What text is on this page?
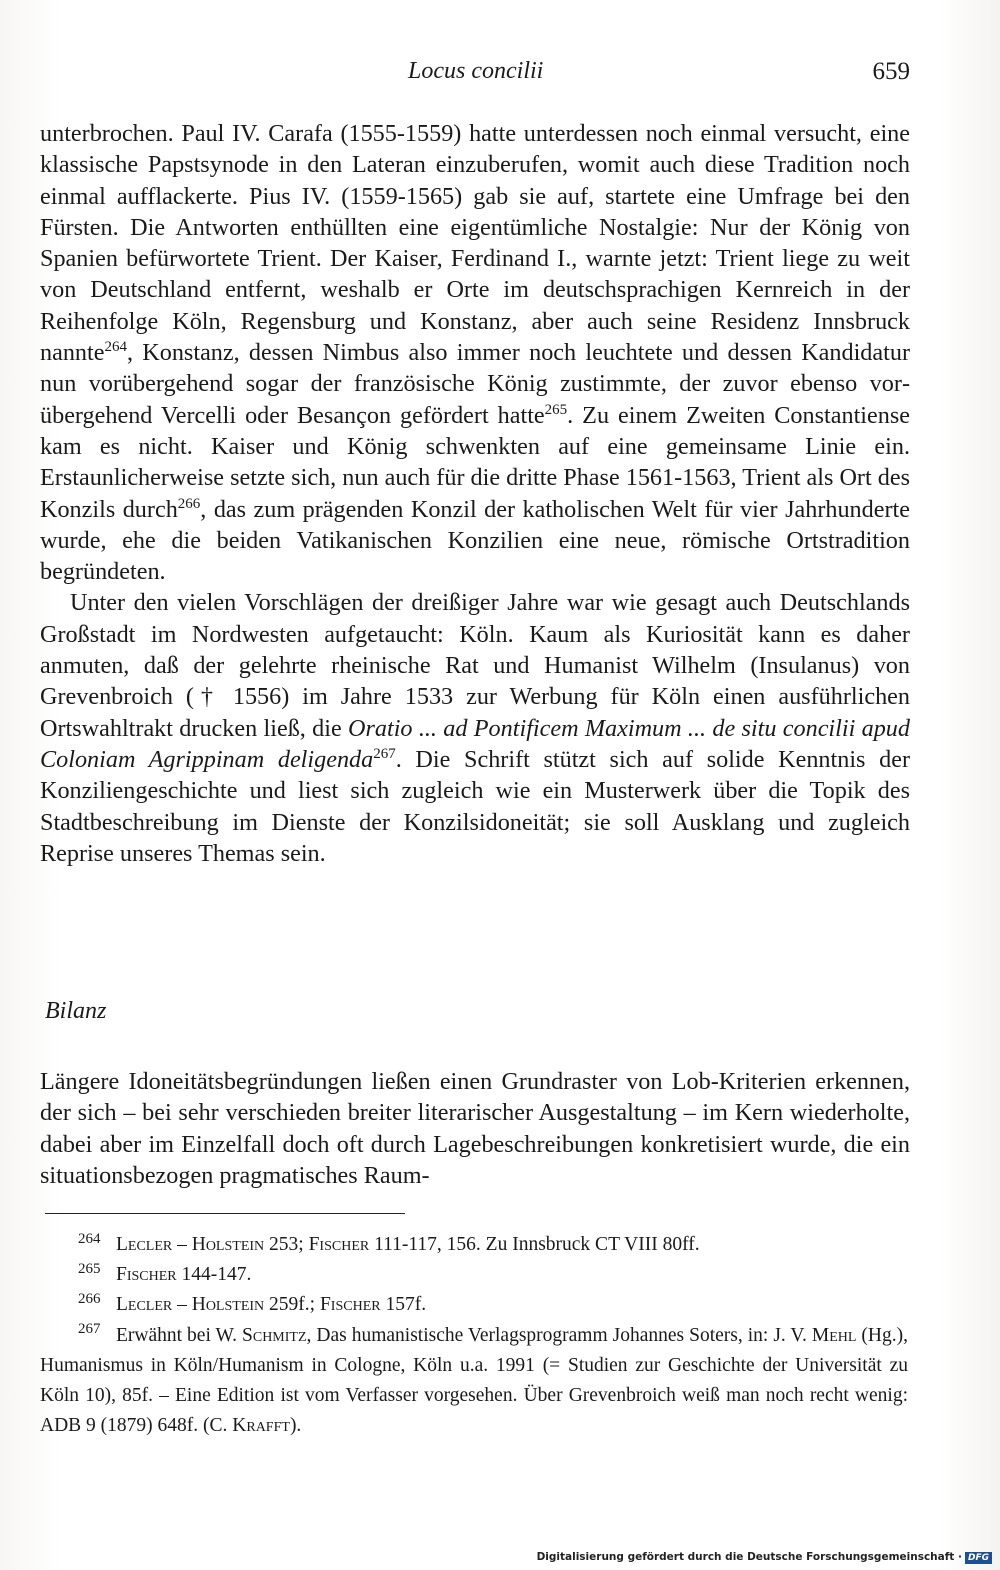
Locus concilii	659

unterbrochen. Paul IV. Carafa (1555-1559) hatte unterdessen noch einmal versucht, eine klassische Papstsynode in den Lateran einzuberufen, womit auch diese Tradition noch einmal aufflackerte. Pius IV. (1559-1565) gab sie auf, startete eine Umfrage bei den Fürsten. Die Antworten enthüllten eine eigentümliche Nostalgie: Nur der König von Spanien befürwortete Trient. Der Kaiser, Ferdinand I., warnte jetzt: Trient liege zu weit von Deutschland entfernt, weshalb er Orte im deutschsprachigen Kernreich in der Reihenfolge Köln, Regensburg und Konstanz, aber auch seine Residenz Innsbruck nannte$^{264}$, Konstanz, dessen Nimbus also immer noch leuchtete und dessen Kandidatur nun vorübergehend sogar der französische König zustimmte, der zuvor ebenso vorübergehend Vercelli oder Besançon gefördert hatte$^{265}$. Zu einem Zweiten Constantiense kam es nicht. Kaiser und König schwenkten auf eine gemeinsame Linie ein. Erstaunlicherweise setzte sich, nun auch für die dritte Phase 1561-1563, Trient als Ort des Konzils durch$^{266}$, das zum prägenden Konzil der katholischen Welt für vier Jahrhunderte wurde, ehe die beiden Vatikanischen Konzilien eine neue, römische Ortstradition begründeten.

Unter den vielen Vorschlägen der dreißiger Jahre war wie gesagt auch Deutschlands Großstadt im Nordwesten aufgetaucht: Köln. Kaum als Kuriosität kann es daher anmuten, daß der gelehrte rheinische Rat und Humanist Wilhelm (Insulanus) von Grevenbroich († 1556) im Jahre 1533 zur Werbung für Köln einen ausführlichen Ortswahltrakt drucken ließ, die Oratio ... ad Pontificem Maximum ... de situ concilii apud Coloniam Agrippinam deligenda$^{267}$. Die Schrift stützt sich auf solide Kenntnis der Konziliengeschichte und liest sich zugleich wie ein Musterwerk über die Topik des Stadtbeschreibung im Dienste der Konzilsidoneität; sie soll Ausklang und zugleich Reprise unseres Themas sein.

Bilanz

Längere Idoneitätsbegründungen ließen einen Grundraster von Lob-Kriterien erkennen, der sich – bei sehr verschieden breiter literarischer Ausgestaltung – im Kern wiederholte, dabei aber im Einzelfall doch oft durch Lagebeschreibungen konkretisiert wurde, die ein situationsbezogen pragmatisches Raum-

264 Lecler – Holstein 253; Fischer 111-117, 156. Zu Innsbruck CT VIII 80ff.

265 Fischer 144-147.

266 Lecler – Holstein 259f.; Fischer 157f.

267 Erwähnt bei W. Schmitz, Das humanistische Verlagsprogramm Johannes Soters, in: J. V. Mehl (Hg.), Humanismus in Köln/Humanism in Cologne, Köln u.a. 1991 (= Studien zur Geschichte der Universität zu Köln 10), 85f. – Eine Edition ist vom Verfasser vorgesehen. Über Grevenbroich weiß man noch recht wenig: ADB 9 (1879) 648f. (C. Krafft).

Digitalisierung gefördert durch die Deutsche Forschungsgemeinschaft · DFG
